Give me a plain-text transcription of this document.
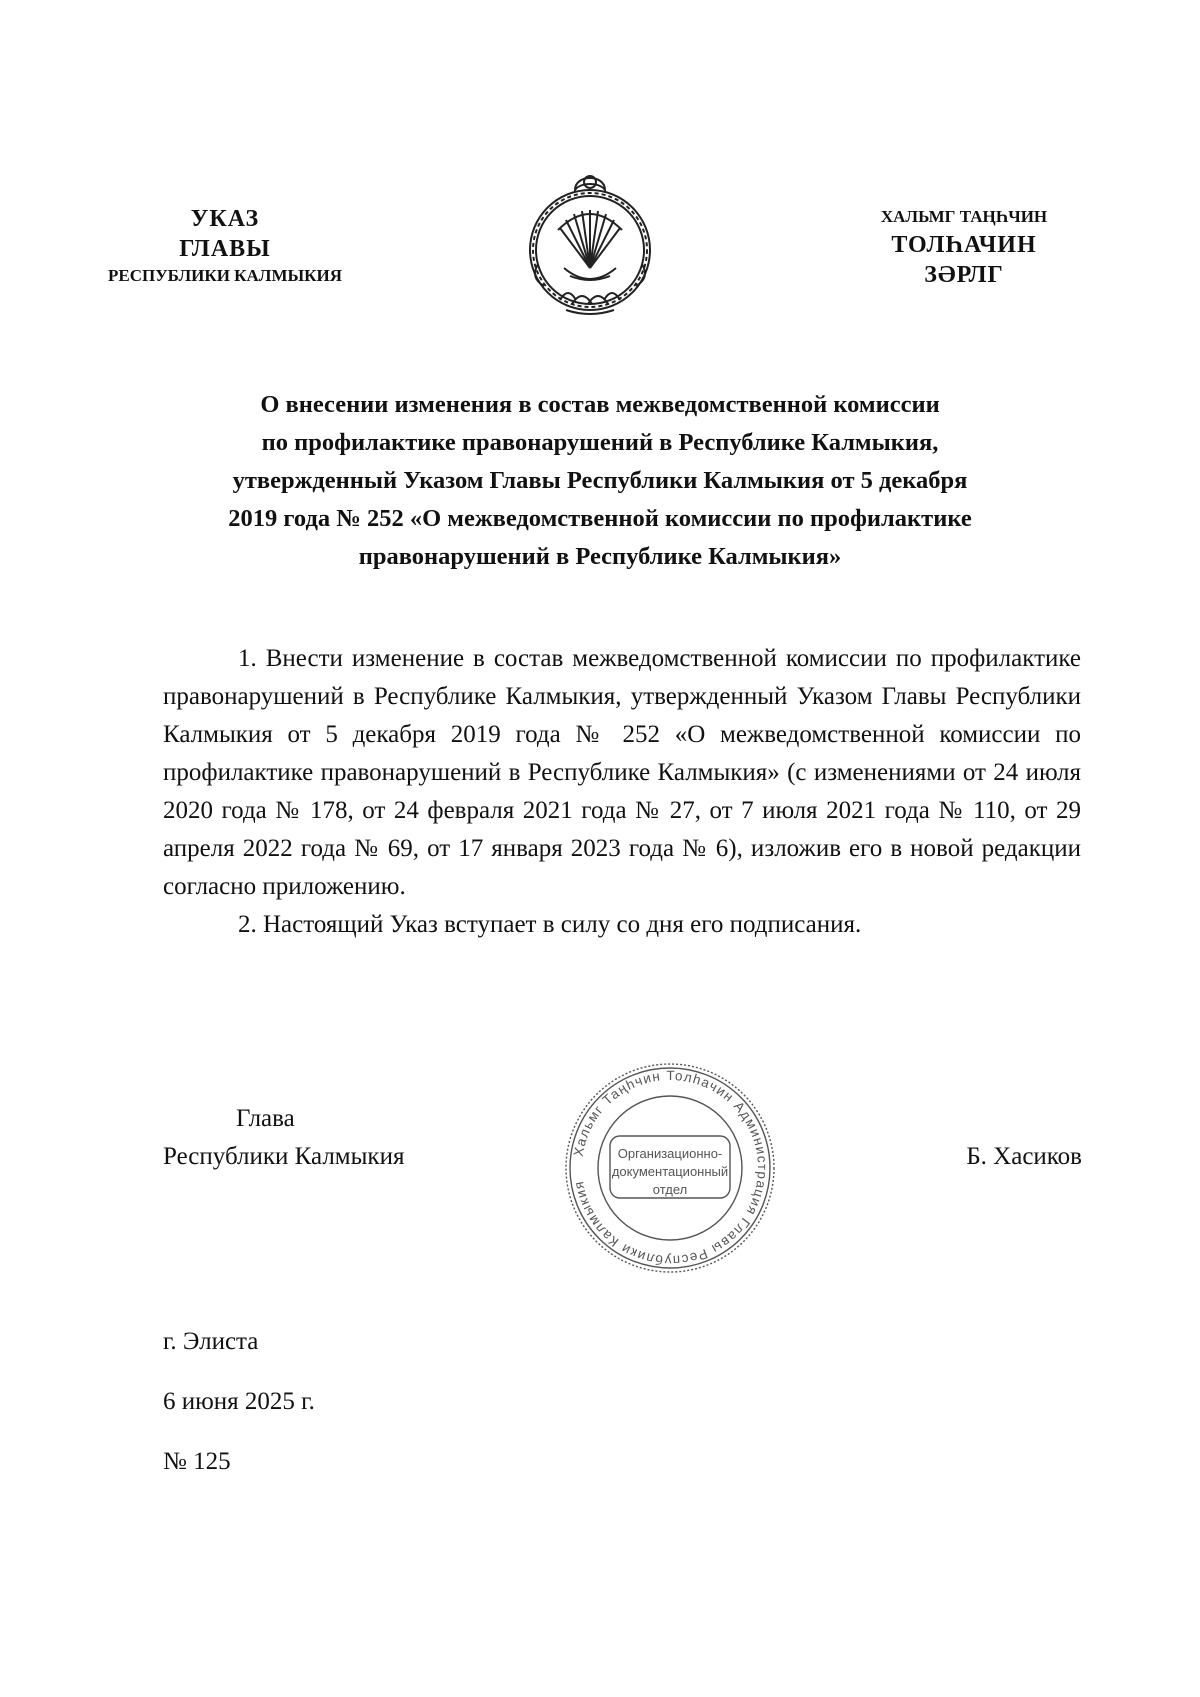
УКАЗ
ГЛАВЫ
РЕСПУБЛИКИ КАЛМЫКИЯ
ХАЛЬМГ ТАҢҺЧИН
ТОЛҺАЧИН
ЗӘРЛГ
О внесении изменения в состав межведомственной комиссии
по профилактике правонарушений в Республике Калмыкия,
утвержденный Указом Главы Республики Калмыкия от 5 декабря
2019 года № 252 «О межведомственной комиссии по профилактике
правонарушений в Республике Калмыкия»

1. Внести изменение в состав межведомственной комиссии по профилактике правонарушений в Республике Калмыкия, утвержденный Указом Главы Республики Калмыкия от 5 декабря 2019 года № 252 «О межведомственной комиссии по профилактике правонарушений в Республике Калмыкия» (с изменениями от 24 июля 2020 года № 178, от 24 февраля 2021 года № 27, от 7 июля 2021 года № 110, от 29 апреля 2022 года № 69, от 17 января 2023 года № 6), изложив его в новой редакции согласно приложению.

2. Настоящий Указ вступает в силу со дня его подписания.

Глава
Республики Калмыкия	Хальмг Таңһчин Толһачин Администрация Главы Республики Калмыкия
Организационно-
документационный
отдел
Б. Хасиков
г. Элиста
6 июня 2025 г.
№ 125
